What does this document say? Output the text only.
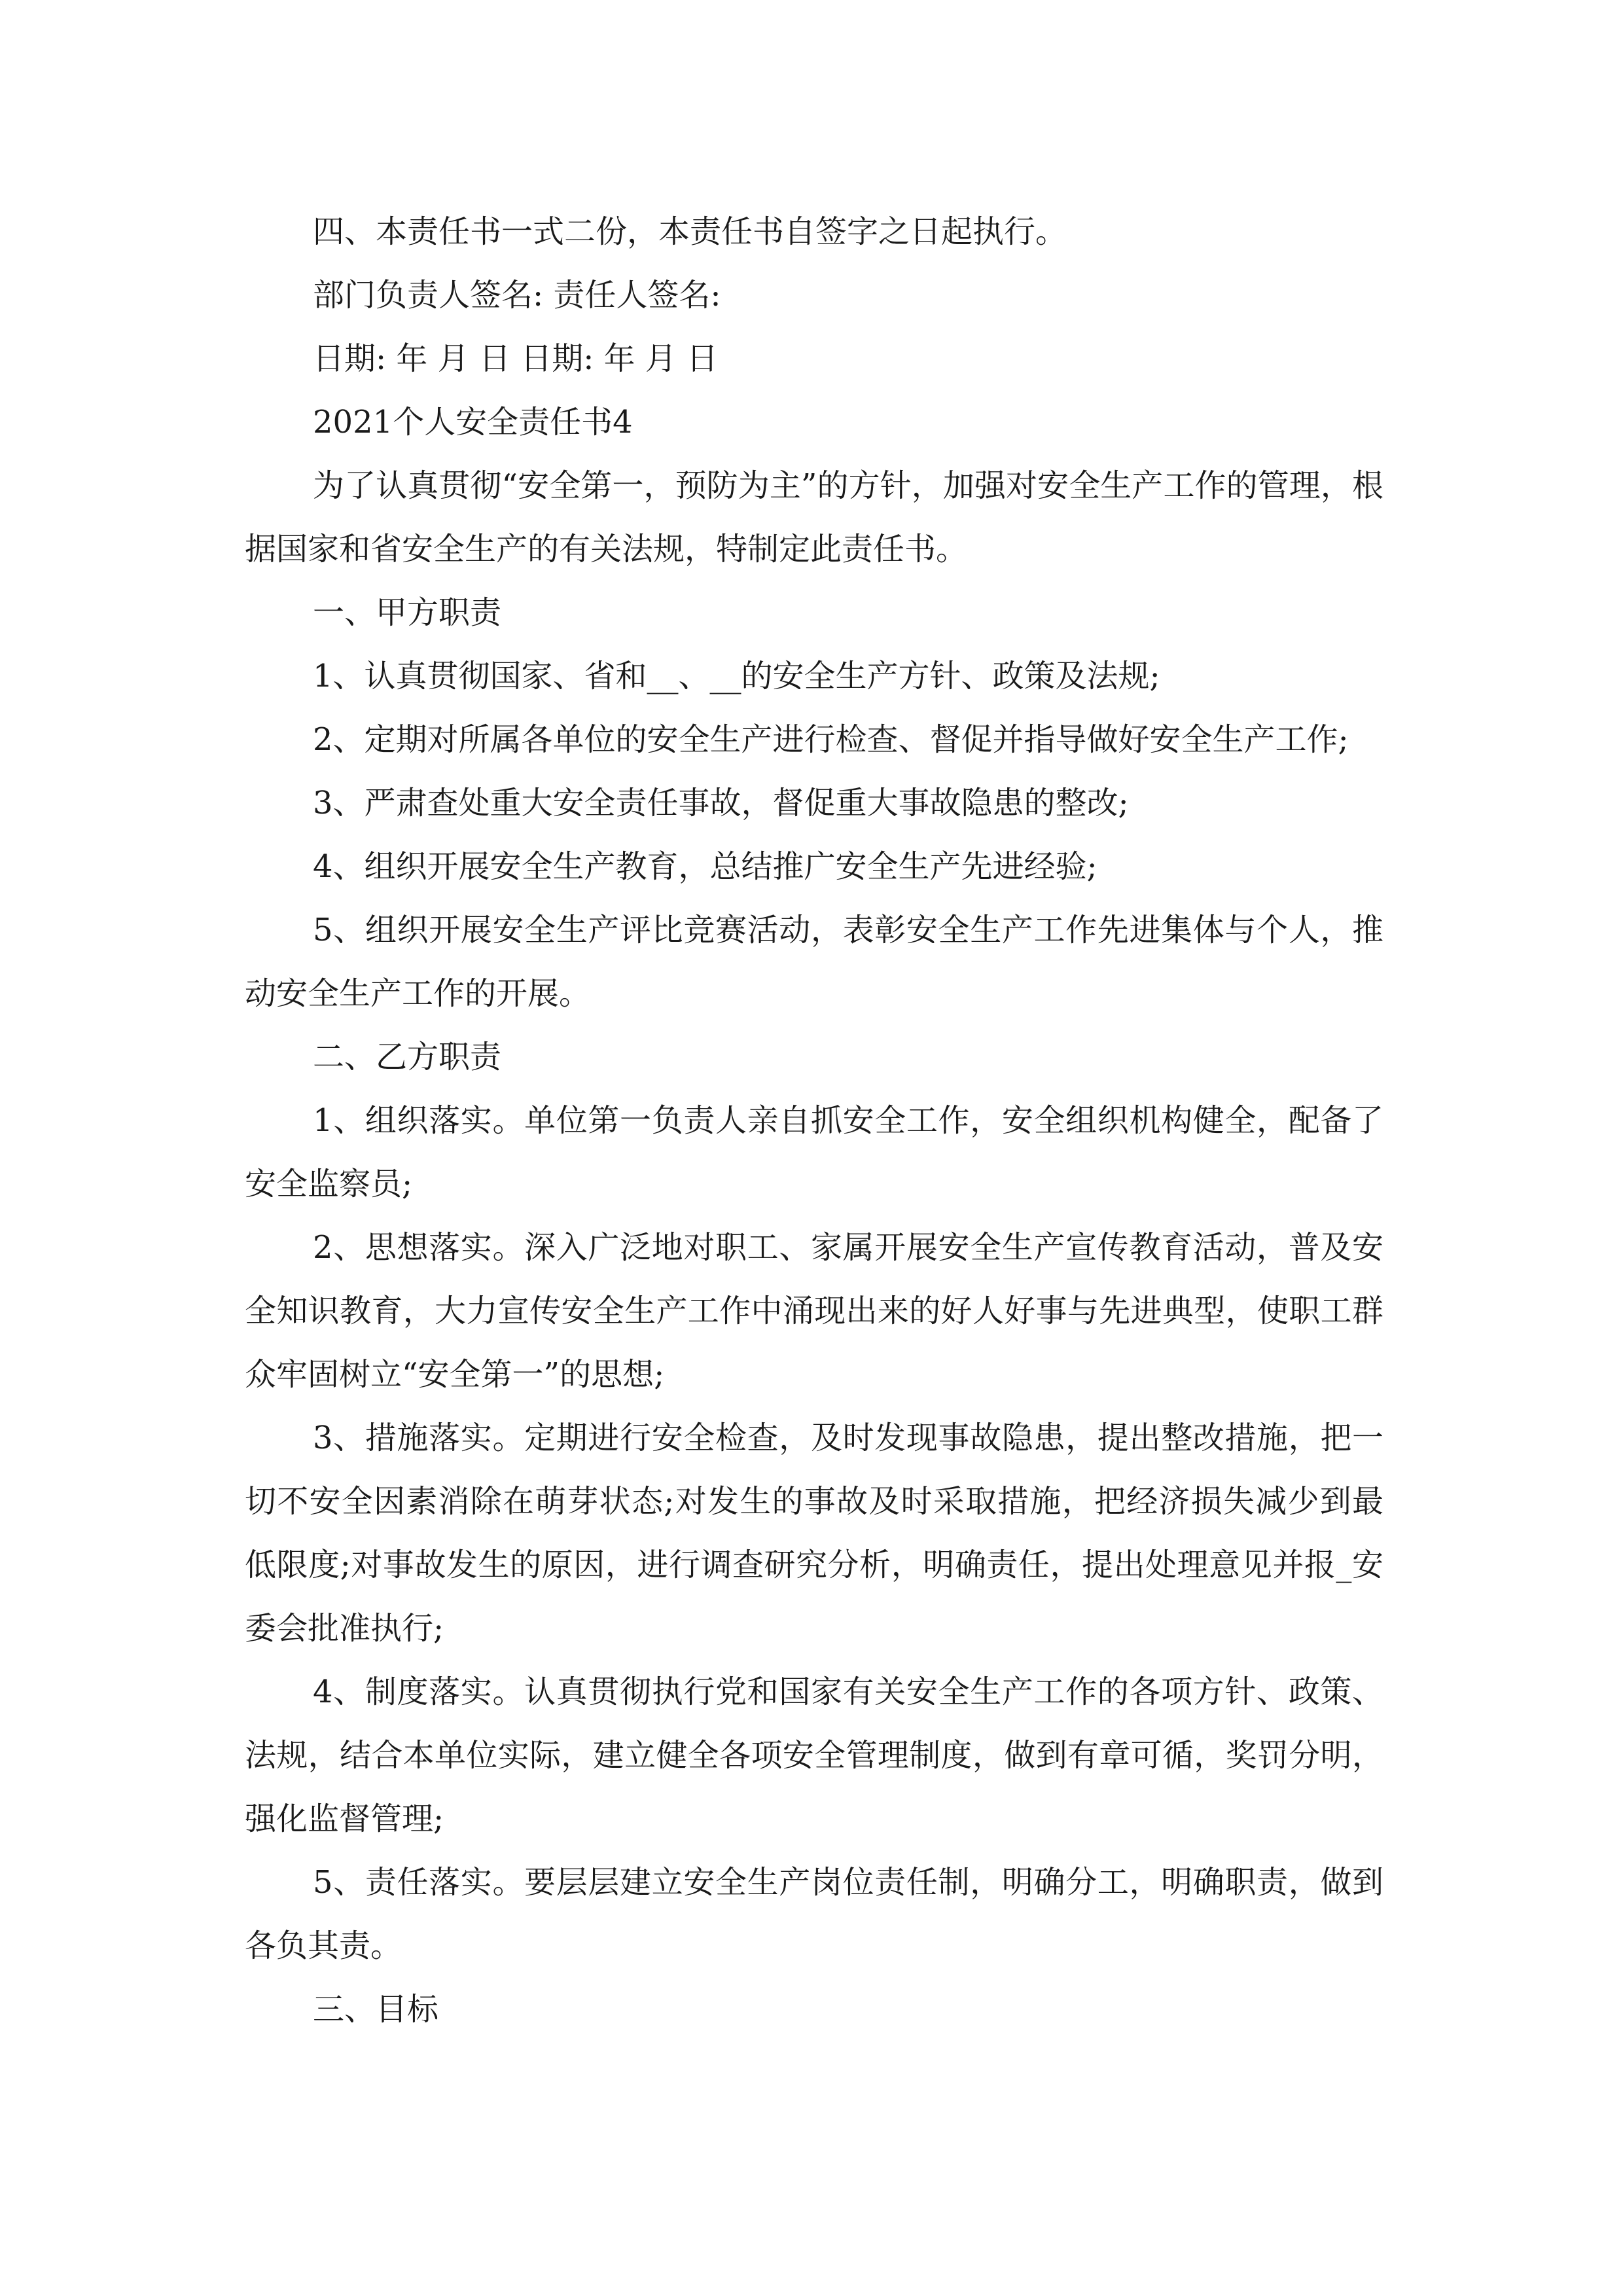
四、本责任书一式二份，本责任书自签字之日起执行。

部门负责人签名: 责任人签名:

日期: 年 月 日 日期: 年 月 日

2021个人安全责任书4

为了认真贯彻“安全第一，预防为主”的方针，加强对安全生产工作的管理，根据国家和省安全生产的有关法规，特制定此责任书。

一、甲方职责

1、认真贯彻国家、省和__、__的安全生产方针、政策及法规;

2、定期对所属各单位的安全生产进行检查、督促并指导做好安全生产工作;

3、严肃查处重大安全责任事故，督促重大事故隐患的整改;

4、组织开展安全生产教育，总结推广安全生产先进经验;

5、组织开展安全生产评比竞赛活动，表彰安全生产工作先进集体与个人，推动安全生产工作的开展。

二、乙方职责

1、组织落实。单位第一负责人亲自抓安全工作，安全组织机构健全，配备了安全监察员;

2、思想落实。深入广泛地对职工、家属开展安全生产宣传教育活动，普及安全知识教育，大力宣传安全生产工作中涌现出来的好人好事与先进典型，使职工群众牢固树立“安全第一”的思想;

3、措施落实。定期进行安全检查，及时发现事故隐患，提出整改措施，把一切不安全因素消除在萌芽状态;对发生的事故及时采取措施，把经济损失减少到最低限度;对事故发生的原因，进行调查研究分析，明确责任，提出处理意见并报_安委会批准执行;

4、制度落实。认真贯彻执行党和国家有关安全生产工作的各项方针、政策、法规，结合本单位实际，建立健全各项安全管理制度，做到有章可循，奖罚分明，强化监督管理;

5、责任落实。要层层建立安全生产岗位责任制，明确分工，明确职责，做到各负其责。

三、目标
